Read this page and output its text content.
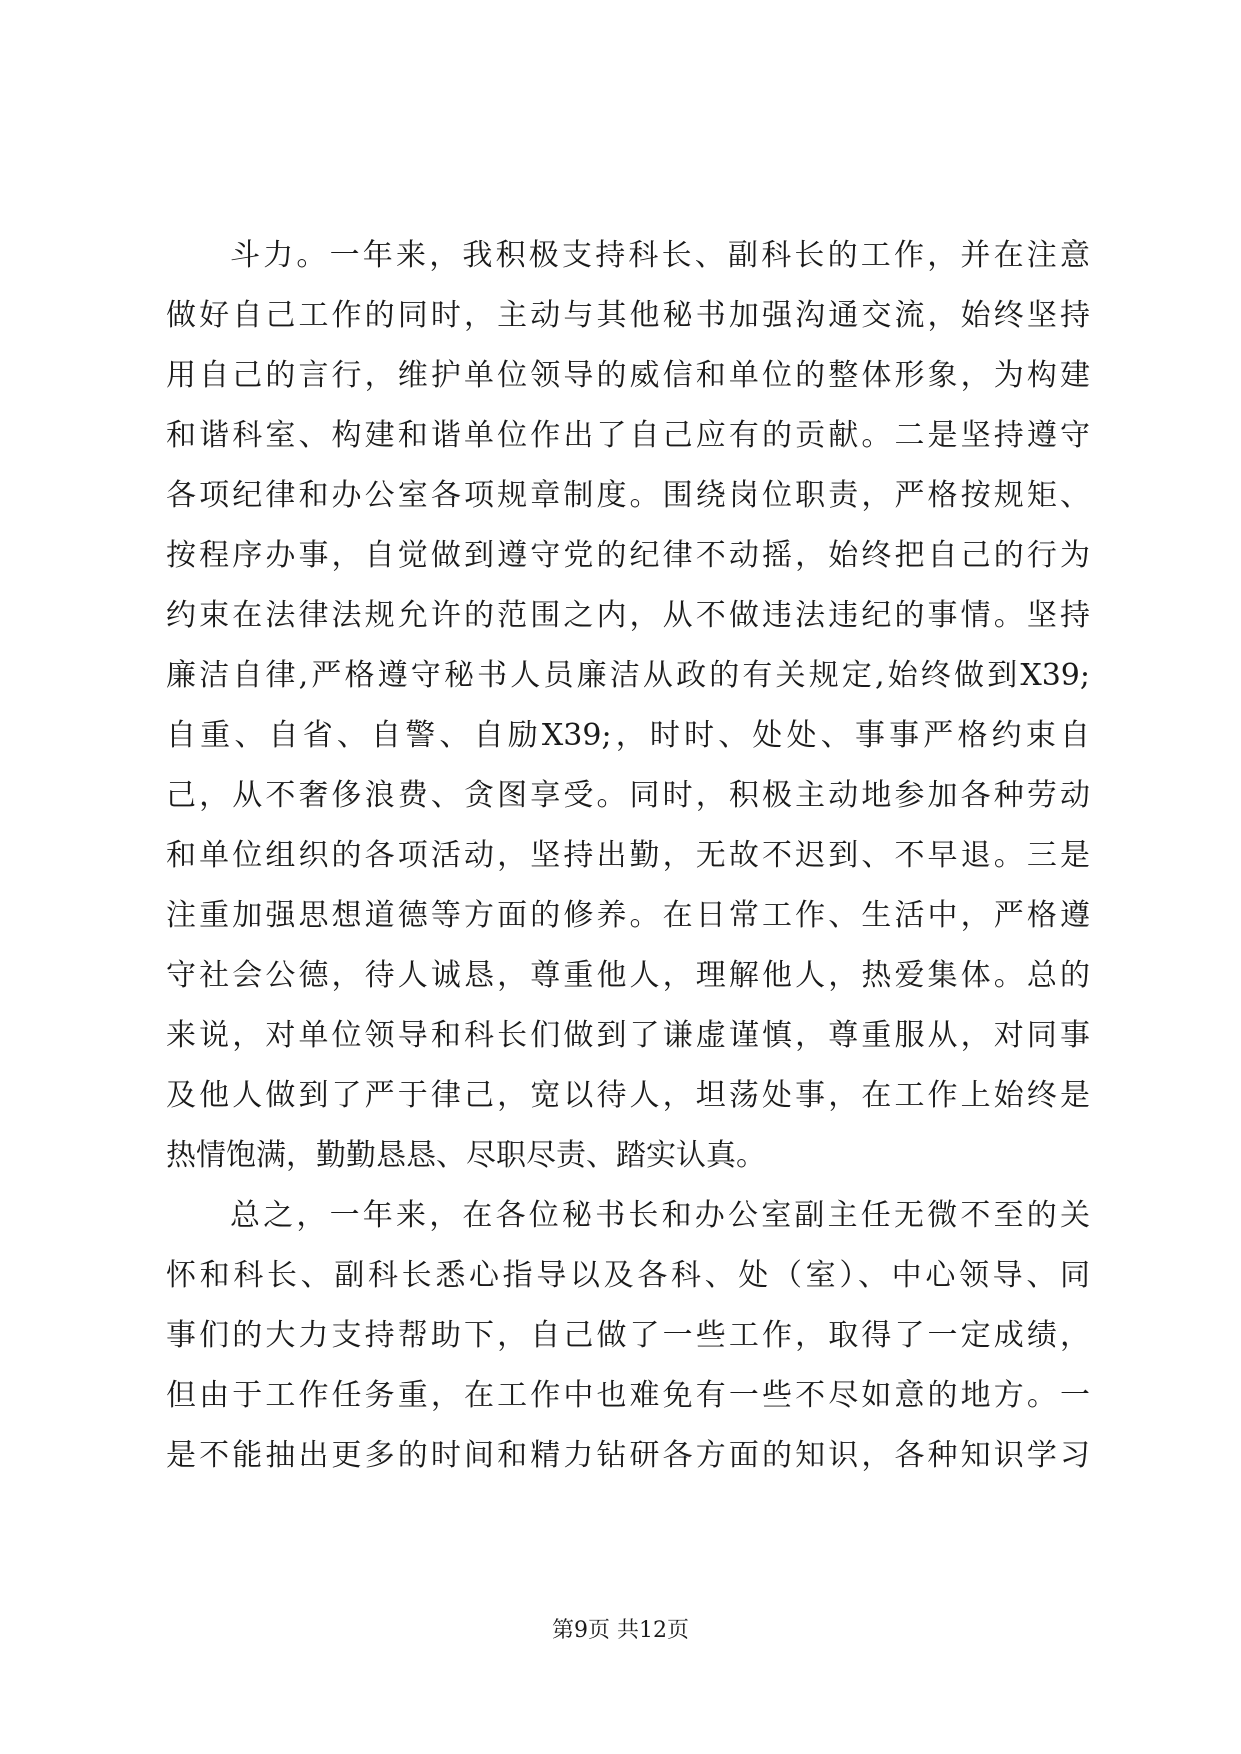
斗力。一年来，我积极支持科长、副科长的工作，并在注意
做好自己工作的同时，主动与其他秘书加强沟通交流，始终坚持
用自己的言行，维护单位领导的威信和单位的整体形象，为构建
和谐科室、构建和谐单位作出了自己应有的贡献。二是坚持遵守
各项纪律和办公室各项规章制度。围绕岗位职责，严格按规矩、
按程序办事，自觉做到遵守党的纪律不动摇，始终把自己的行为
约束在法律法规允许的范围之内，从不做违法违纪的事情。坚持
廉洁自律,严格遵守秘书人员廉洁从政的有关规定,始终做到X39;
自重、自省、自警、自励X39;，时时、处处、事事严格约束自
己，从不奢侈浪费、贪图享受。同时，积极主动地参加各种劳动
和单位组织的各项活动，坚持出勤，无故不迟到、不早退。三是
注重加强思想道德等方面的修养。在日常工作、生活中，严格遵
守社会公德，待人诚恳，尊重他人，理解他人，热爱集体。总的
来说，对单位领导和科长们做到了谦虚谨慎，尊重服从，对同事
及他人做到了严于律己，宽以待人，坦荡处事，在工作上始终是
热情饱满，勤勤恳恳、尽职尽责、踏实认真。
总之，一年来，在各位秘书长和办公室副主任无微不至的关
怀和科长、副科长悉心指导以及各科、处（室）、中心领导、同
事们的大力支持帮助下，自己做了一些工作，取得了一定成绩，
但由于工作任务重，在工作中也难免有一些不尽如意的地方。一
是不能抽出更多的时间和精力钻研各方面的知识，各种知识学习
第9页 共12页
